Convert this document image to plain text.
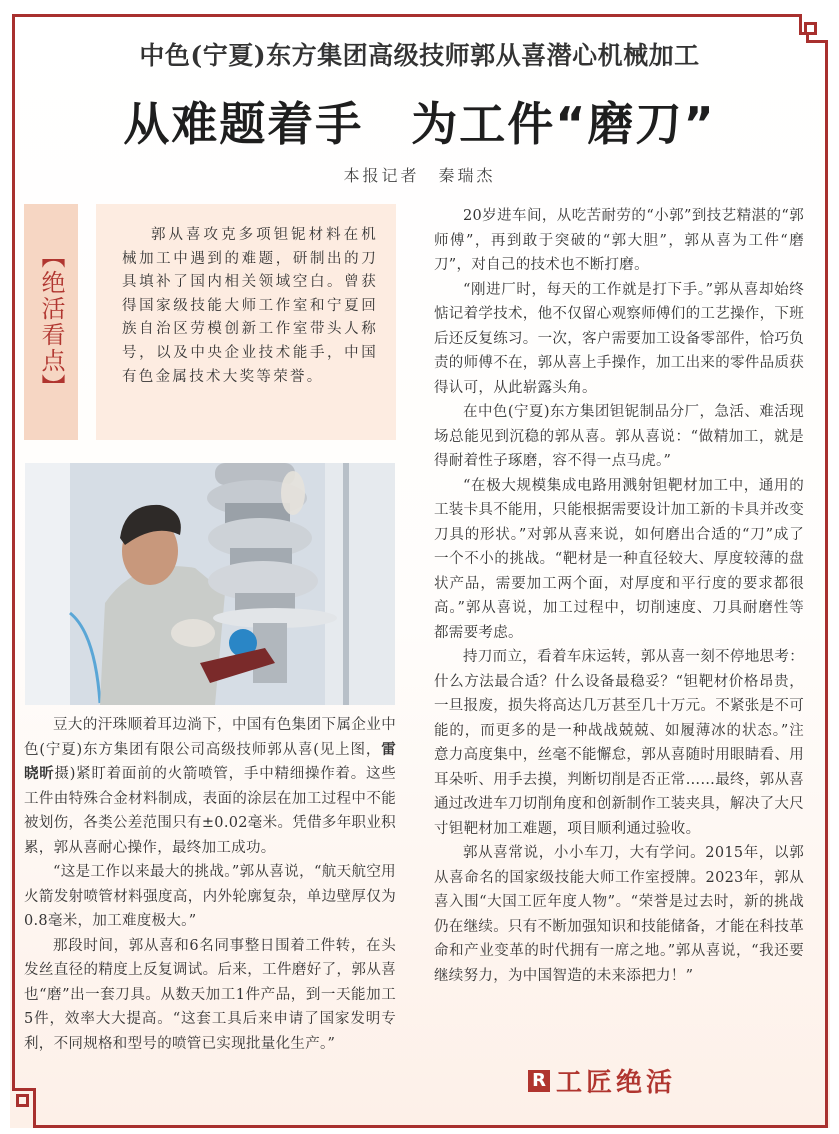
中色(宁夏)东方集团高级技师郭从喜潜心机械加工
从难题着手　为工件“磨刀”
本报记者　秦瑞杰
【绝活看点】
郭从喜攻克多项钽铌材料在机械加工中遇到的难题，研制出的刀具填补了国内相关领域空白。曾获得国家级技能大师工作室和宁夏回族自治区劳模创新工作室带头人称号，以及中央企业技术能手，中国有色金属技术大奖等荣誉。

豆大的汗珠顺着耳边淌下，中国有色集团下属企业中色(宁夏)东方集团有限公司高级技师郭从喜(见上图，雷晓昕摄)紧盯着面前的火箭喷管，手中精细操作着。这些工件由特殊合金材料制成，表面的涂层在加工过程中不能被划伤，各类公差范围只有±0.02毫米。凭借多年职业积累，郭从喜耐心操作，最终加工成功。

“这是工作以来最大的挑战。”郭从喜说，“航天航空用火箭发射喷管材料强度高，内外轮廓复杂，单边壁厚仅为0.8毫米，加工难度极大。”

那段时间，郭从喜和6名同事整日围着工件转，在头发丝直径的精度上反复调试。后来，工件磨好了，郭从喜也“磨”出一套刀具。从数天加工1件产品，到一天能加工5件，效率大大提高。“这套工具后来申请了国家发明专利，不同规格和型号的喷管已实现批量化生产。”

20岁进车间，从吃苦耐劳的“小郭”到技艺精湛的“郭师傅”，再到敢于突破的“郭大胆”，郭从喜为工件“磨刀”，对自己的技术也不断打磨。

“刚进厂时，每天的工作就是打下手。”郭从喜却始终惦记着学技术，他不仅留心观察师傅们的工艺操作，下班后还反复练习。一次，客户需要加工设备零部件，恰巧负责的师傅不在，郭从喜上手操作，加工出来的零件品质获得认可，从此崭露头角。

在中色(宁夏)东方集团钽铌制品分厂，急活、难活现场总能见到沉稳的郭从喜。郭从喜说：“做精加工，就是得耐着性子琢磨，容不得一点马虎。”

“在极大规模集成电路用溅射钽靶材加工中，通用的工装卡具不能用，只能根据需要设计加工新的卡具并改变刀具的形状。”对郭从喜来说，如何磨出合适的“刀”成了一个不小的挑战。“靶材是一种直径较大、厚度较薄的盘状产品，需要加工两个面，对厚度和平行度的要求都很高。”郭从喜说，加工过程中，切削速度、刀具耐磨性等都需要考虑。

持刀而立，看着车床运转，郭从喜一刻不停地思考：什么方法最合适？什么设备最稳妥？“钽靶材价格昂贵，一旦报废，损失将高达几万甚至几十万元。不紧张是不可能的，而更多的是一种战战兢兢、如履薄冰的状态。”注意力高度集中，丝毫不能懈怠，郭从喜随时用眼睛看、用耳朵听、用手去摸，判断切削是否正常……最终，郭从喜通过改进车刀切削角度和创新制作工装夹具，解决了大尺寸钽靶材加工难题，项目顺利通过验收。

郭从喜常说，小小车刀，大有学问。2015年，以郭从喜命名的国家级技能大师工作室授牌。2023年，郭从喜入围“大国工匠年度人物”。“荣誉是过去时，新的挑战仍在继续。只有不断加强知识和技能储备，才能在科技革命和产业变革的时代拥有一席之地。”郭从喜说，“我还要继续努力，为中国智造的未来添把力！”

R 工匠绝活
